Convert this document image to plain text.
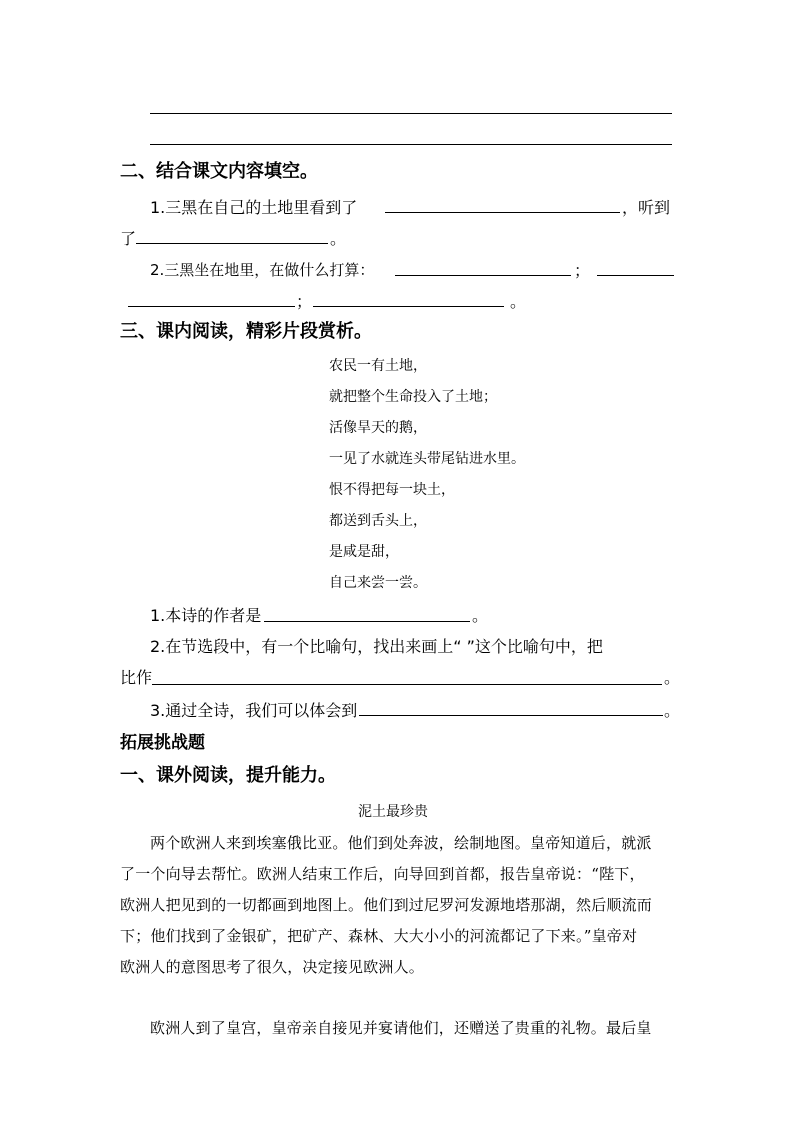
二、结合课文内容填空。
1.三黑在自己的土地里看到了	，听到
了	。
2.三黑坐在地里，在做什么打算：	；
；	。
三、课内阅读，精彩片段赏析。
农民一有土地，
就把整个生命投入了土地；
活像旱天的鹅，
一见了水就连头带尾钻进水里。
恨不得把每一块土，
都送到舌头上，
是咸是甜，
自己来尝一尝。
1.本诗的作者是	。
2.在节选段中，有一个比喻句，找出来画上“ ”这个比喻句中，把
比作	。
3.通过全诗，我们可以体会到	。
拓展挑战题
一、课外阅读，提升能力。
泥土最珍贵
两个欧洲人来到埃塞俄比亚。他们到处奔波，绘制地图。皇帝知道后，就派
了一个向导去帮忙。欧洲人结束工作后，向导回到首都，报告皇帝说：“陛下，
欧洲人把见到的一切都画到地图上。他们到过尼罗河发源地塔那湖，然后顺流而
下；他们找到了金银矿，把矿产、森林、大大小小的河流都记了下来。”皇帝对
欧洲人的意图思考了很久，决定接见欧洲人。
欧洲人到了皇宫，皇帝亲自接见并宴请他们，还赠送了贵重的礼物。最后皇
